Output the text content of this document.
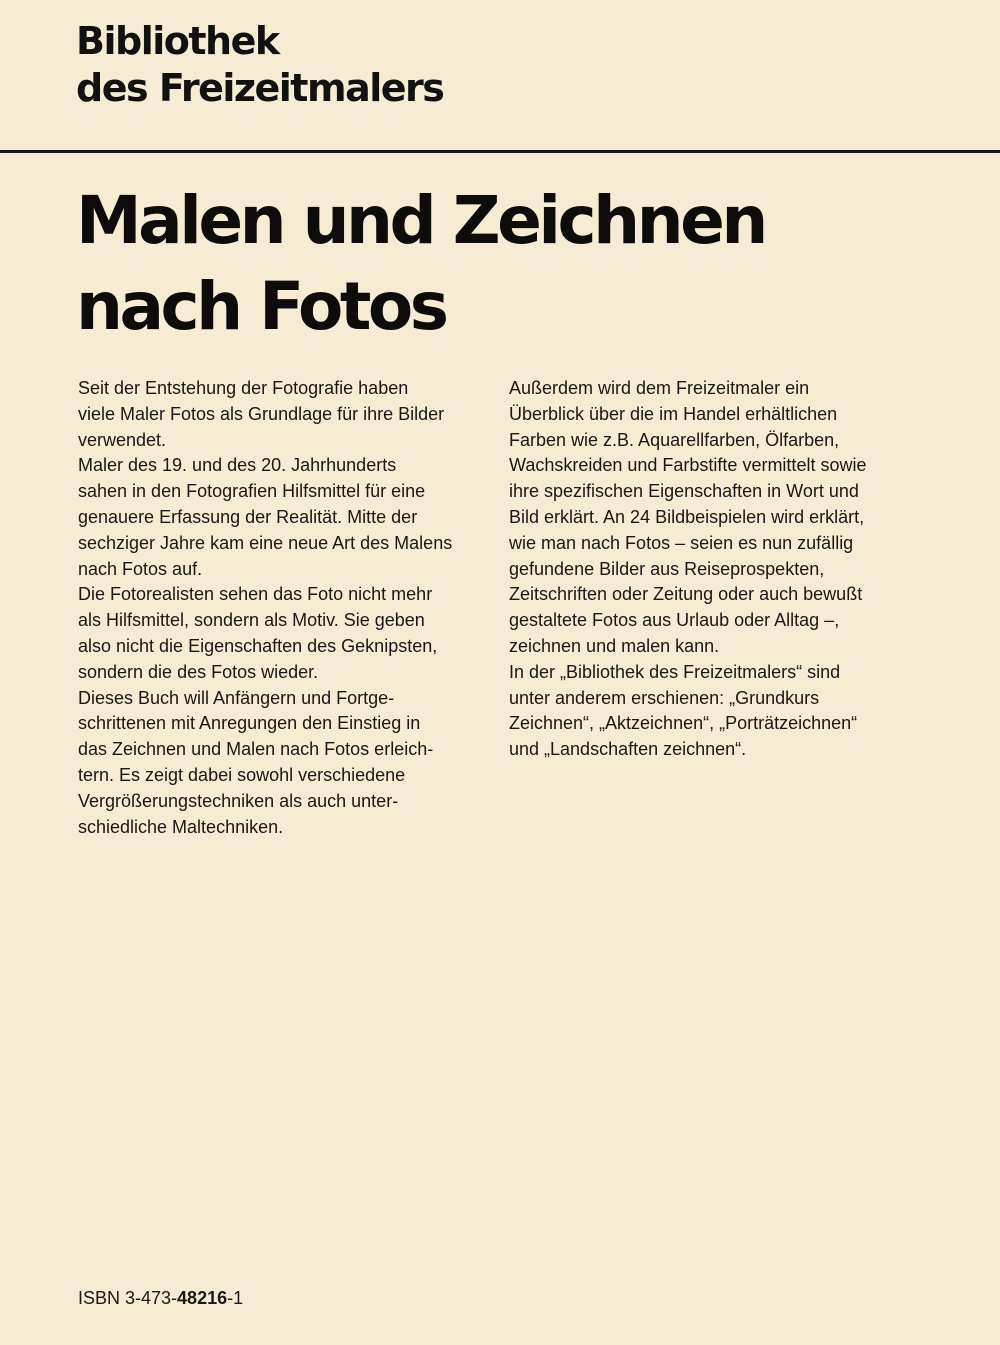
Bibliothek
des Freizeitmalers
Malen und Zeichnen
nach Fotos
Seit der Entstehung der Fotografie haben
viele Maler Fotos als Grundlage für ihre Bilder
verwendet.
Maler des 19. und des 20. Jahrhunderts
sahen in den Fotografien Hilfsmittel für eine
genauere Erfassung der Realität. Mitte der
sechziger Jahre kam eine neue Art des Malens
nach Fotos auf.
Die Fotorealisten sehen das Foto nicht mehr
als Hilfsmittel, sondern als Motiv. Sie geben
also nicht die Eigenschaften des Geknipsten,
sondern die des Fotos wieder.
Dieses Buch will Anfängern und Fortge-
schrittenen mit Anregungen den Einstieg in
das Zeichnen und Malen nach Fotos erleich-
tern. Es zeigt dabei sowohl verschiedene
Vergrößerungstechniken als auch unter-
schiedliche Maltechniken.
Außerdem wird dem Freizeitmaler ein
Überblick über die im Handel erhältlichen
Farben wie z.B. Aquarellfarben, Ölfarben,
Wachskreiden und Farbstifte vermittelt sowie
ihre spezifischen Eigenschaften in Wort und
Bild erklärt. An 24 Bildbeispielen wird erklärt,
wie man nach Fotos – seien es nun zufällig
gefundene Bilder aus Reiseprospekten,
Zeitschriften oder Zeitung oder auch bewußt
gestaltete Fotos aus Urlaub oder Alltag –,
zeichnen und malen kann.
In der „Bibliothek des Freizeitmalers“ sind
unter anderem erschienen: „Grundkurs
Zeichnen“, „Aktzeichnen“, „Porträtzeichnen“
und „Landschaften zeichnen“.
ISBN 3-473-48216-1
